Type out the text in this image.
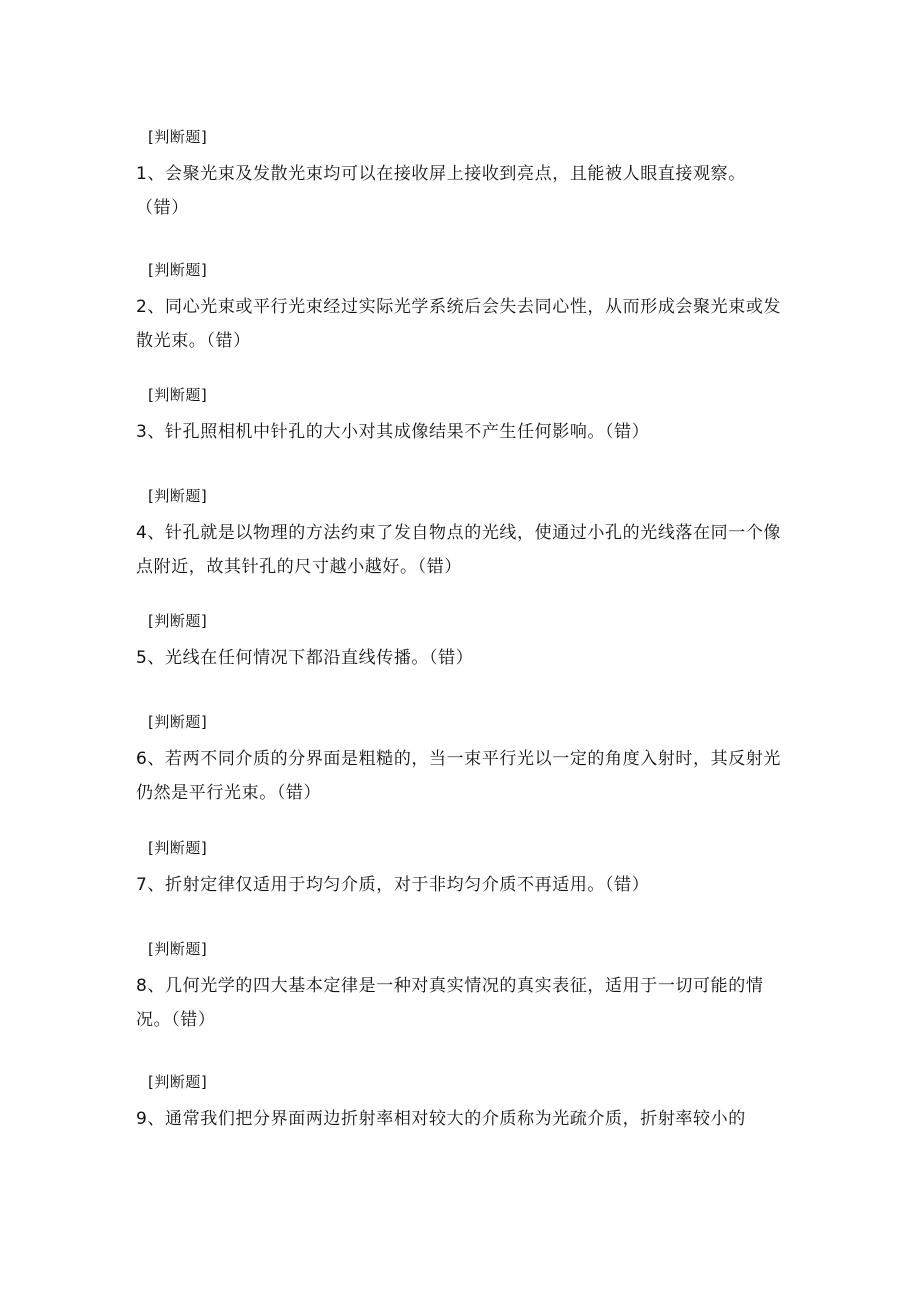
[判断题]
1、会聚光束及发散光束均可以在接收屏上接收到亮点，且能被人眼直接观察。（错）
[判断题]
2、同心光束或平行光束经过实际光学系统后会失去同心性，从而形成会聚光束或发散光束。（错）
[判断题]
3、针孔照相机中针孔的大小对其成像结果不产生任何影响。（错）
[判断题]
4、针孔就是以物理的方法约束了发自物点的光线，使通过小孔的光线落在同一个像点附近，故其针孔的尺寸越小越好。（错）
[判断题]
5、光线在任何情况下都沿直线传播。（错）
[判断题]
6、若两不同介质的分界面是粗糙的，当一束平行光以一定的角度入射时，其反射光仍然是平行光束。（错）
[判断题]
7、折射定律仅适用于均匀介质，对于非均匀介质不再适用。（错）
[判断题]
8、几何光学的四大基本定律是一种对真实情况的真实表征，适用于一切可能的情况。（错）
[判断题]
9、通常我们把分界面两边折射率相对较大的介质称为光疏介质，折射率较小的
